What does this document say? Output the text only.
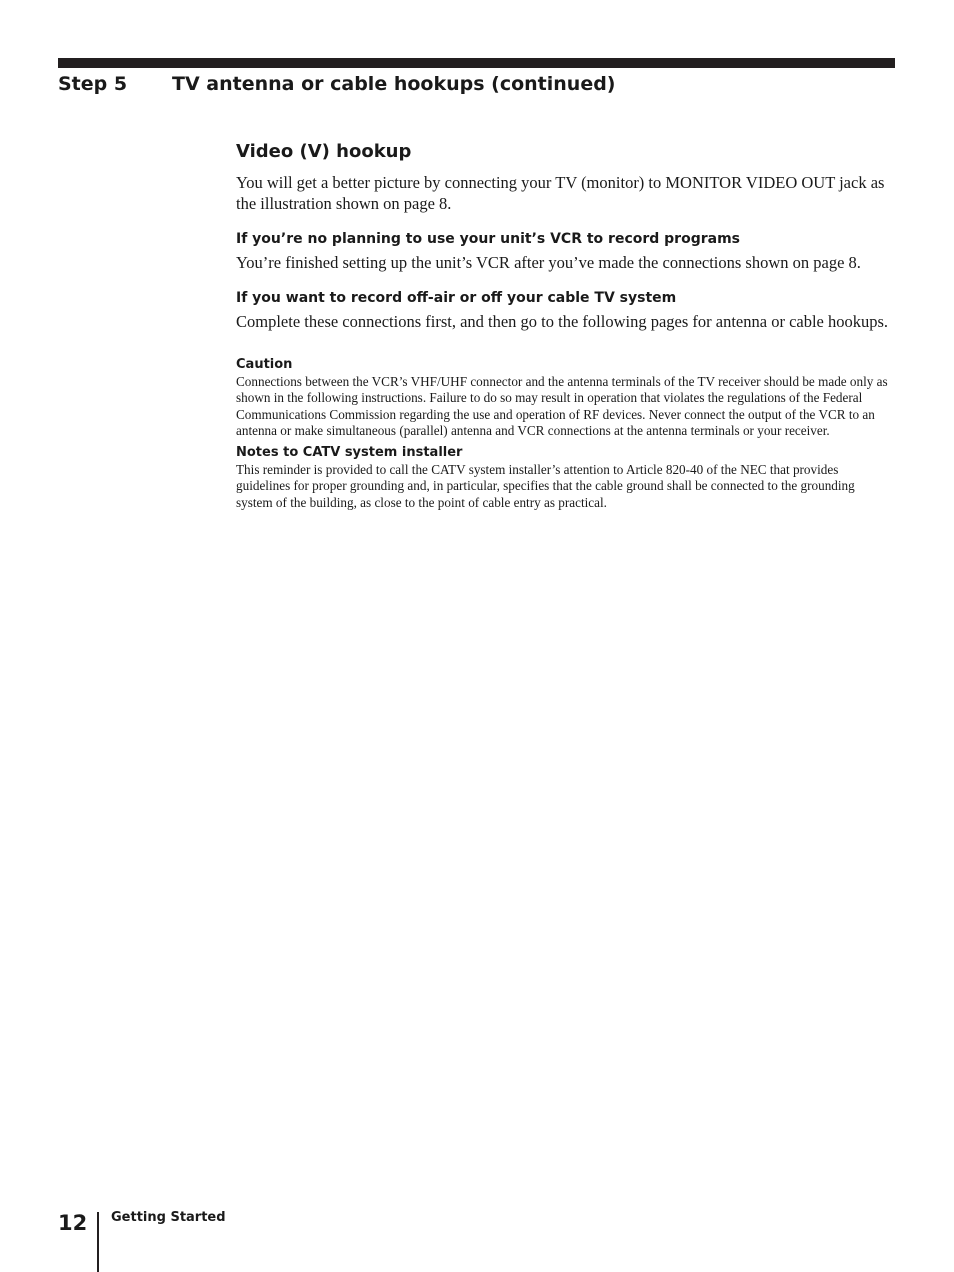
Step 5 TV antenna or cable hookups (continued)
Video (V) hookup

You will get a better picture by connecting your TV (monitor) to MONITOR VIDEO OUT jack as the illustration shown on page 8.

If you’re no planning to use your unit’s VCR to record programs

You’re finished setting up the unit’s VCR after you’ve made the connections shown on page 8.

If you want to record off-air or off your cable TV system

Complete these connections first, and then go to the following pages for antenna or cable hookups.

Caution

Connections between the VCR’s VHF/UHF connector and the antenna terminals of the TV receiver should be made only as shown in the following instructions. Failure to do so may result in operation that violates the regulations of the Federal Communications Commission regarding the use and operation of RF devices. Never connect the output of the VCR to an antenna or make simultaneous (parallel) antenna and VCR connections at the antenna terminals or your receiver.

Notes to CATV system installer

This reminder is provided to call the CATV system installer’s attention to Article 820-40 of the NEC that provides guidelines for proper grounding and, in particular, specifies that the cable ground shall be connected to the grounding system of the building, as close to the point of cable entry as practical.

12 Getting Started
